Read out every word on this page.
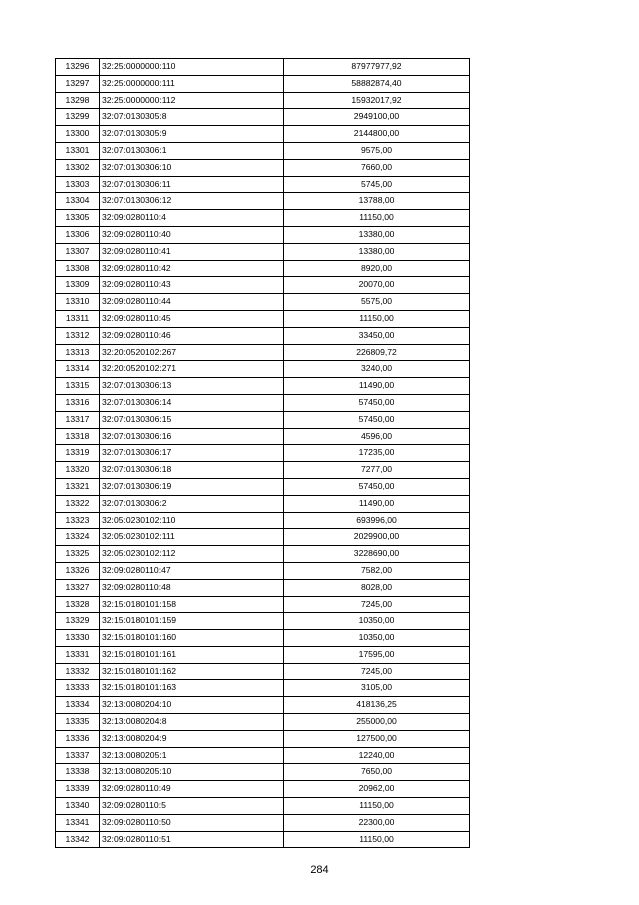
13296	32:25:0000000:110	87977977,92
13297	32:25:0000000:111	58882874,40
13298	32:25:0000000:112	15932017,92
13299	32:07:0130305:8	2949100,00
13300	32:07:0130305:9	2144800,00
13301	32:07:0130306:1	9575,00
13302	32:07:0130306:10	7660,00
13303	32:07:0130306:11	5745,00
13304	32:07:0130306:12	13788,00
13305	32:09:0280110:4	11150,00
13306	32:09:0280110:40	13380,00
13307	32:09:0280110:41	13380,00
13308	32:09:0280110:42	8920,00
13309	32:09:0280110:43	20070,00
13310	32:09:0280110:44	5575,00
13311	32:09:0280110:45	11150,00
13312	32:09:0280110:46	33450,00
13313	32:20:0520102:267	226809,72
13314	32:20:0520102:271	3240,00
13315	32:07:0130306:13	11490,00
13316	32:07:0130306:14	57450,00
13317	32:07:0130306:15	57450,00
13318	32:07:0130306:16	4596,00
13319	32:07:0130306:17	17235,00
13320	32:07:0130306:18	7277,00
13321	32:07:0130306:19	57450,00
13322	32:07:0130306:2	11490,00
13323	32:05:0230102:110	693996,00
13324	32:05:0230102:111	2029900,00
13325	32:05:0230102:112	3228690,00
13326	32:09:0280110:47	7582,00
13327	32:09:0280110:48	8028,00
13328	32:15:0180101:158	7245,00
13329	32:15:0180101:159	10350,00
13330	32:15:0180101:160	10350,00
13331	32:15:0180101:161	17595,00
13332	32:15:0180101:162	7245,00
13333	32:15:0180101:163	3105,00
13334	32:13:0080204:10	418136,25
13335	32:13:0080204:8	255000,00
13336	32:13:0080204:9	127500,00
13337	32:13:0080205:1	12240,00
13338	32:13:0080205:10	7650,00
13339	32:09:0280110:49	20962,00
13340	32:09:0280110:5	11150,00
13341	32:09:0280110:50	22300,00
13342	32:09:0280110:51	11150,00
284
